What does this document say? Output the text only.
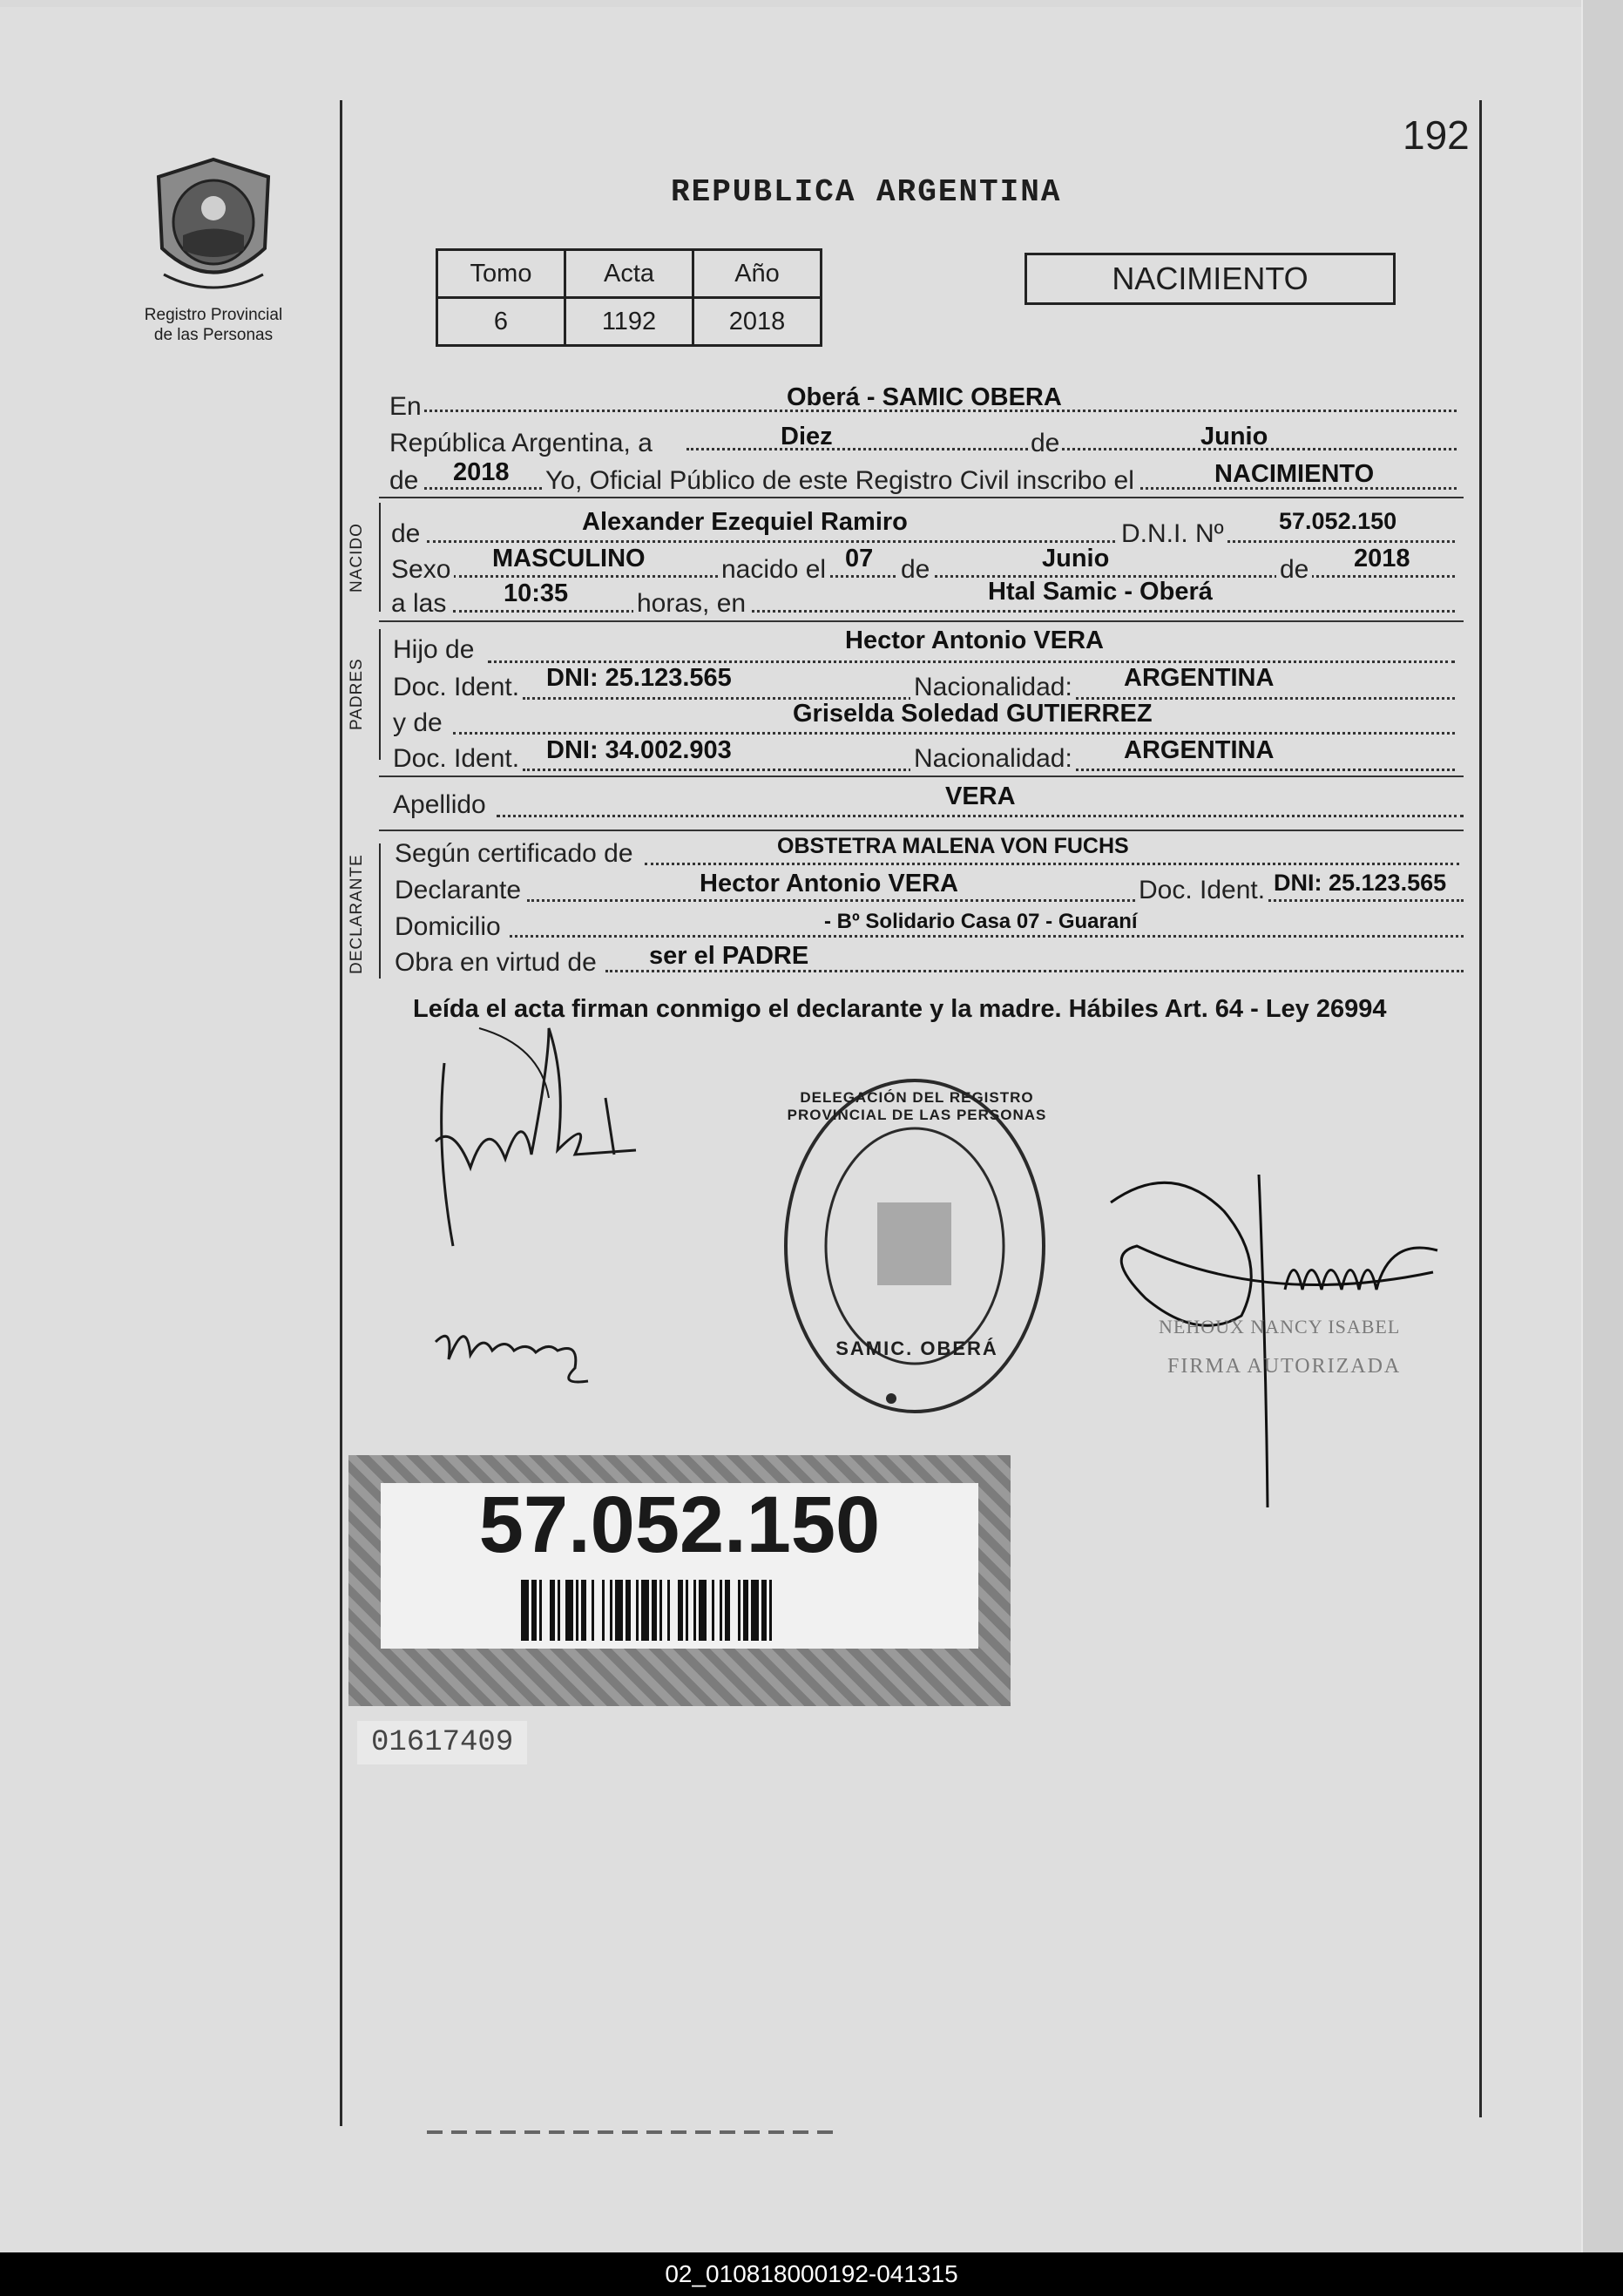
192
Registro Provincial
de las Personas
REPUBLICA ARGENTINA
Tomo	Acta	Año
6	1192	2018
NACIMIENTO
En	Oberá - SAMIC OBERA
República Argentina, a	Diez	de	Junio
de 2018 Yo, Oficial Público de este Registro Civil inscribo el	NACIMIENTO
NACIDO de	Alexander Ezequiel Ramiro	D.N.I. Nº 57.052.150
Sexo MASCULINO	nacido el 07 de	Junio	de 2018
a las 10:35	horas, en	Htal Samic - Oberá
PADRES
Hijo de	Hector Antonio VERA
Doc. Ident. DNI: 25.123.565	Nacionalidad: ARGENTINA
y de	Griselda Soledad GUTIERREZ
Doc. Ident. DNI: 34.002.903	Nacionalidad: ARGENTINA
Apellido	VERA
DECLARANTE
Según certificado de	OBSTETRA MALENA VON FUCHS
Declarante	Hector Antonio VERA	Doc. Ident. DNI: 25.123.565
Domicilio	- Bº Solidario Casa 07 - Guaraní
Obra en virtud de ser el PADRE
Leída el acta firman conmigo el declarante y la madre. Hábiles Art. 64 - Ley 26994
DELEGACIÓN DEL REGISTRO PROVINCIAL DE LAS PERSONAS
SAMIC. OBERÁ
NEHOUX NANCY ISABEL
FIRMA AUTORIZADA
57.052.150
01617409
02_010818000192-041315
